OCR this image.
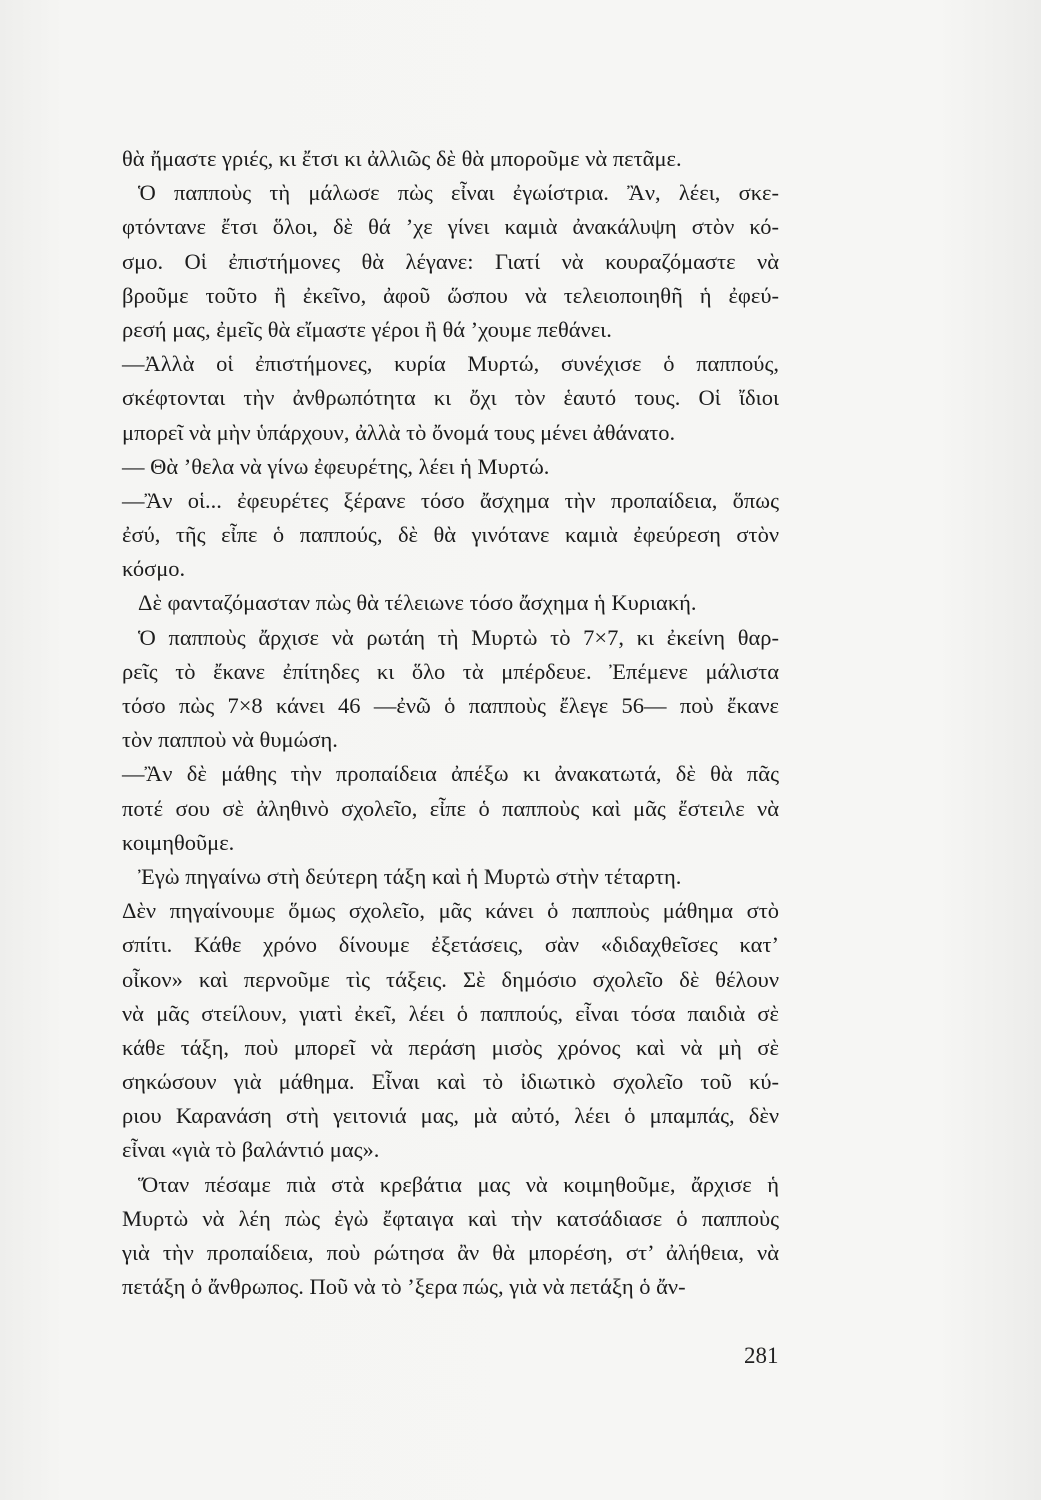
θὰ ἤμαστε γριές, κι ἔτσι κι ἀλλιῶς δὲ θὰ μποροῦμε νὰ πετᾶμε.
Ὁ παπποὺς τὴ μάλωσε πὼς εἶναι ἐγωίστρια. Ἂν, λέει, σκε-
φτόντανε ἔτσι ὅλοι, δὲ θά ’χε γίνει καμιὰ ἀνακάλυψη στὸν κό-
σμο. Οἱ ἐπιστήμονες θὰ λέγανε: Γιατί νὰ κουραζόμαστε νὰ
βροῦμε τοῦτο ἢ ἐκεῖνο, ἀφοῦ ὥσπου νὰ τελειοποιηθῆ ἡ ἐφεύ-
ρεσή μας, ἐμεῖς θὰ εἴμαστε γέροι ἢ θά ’χουμε πεθάνει.
—Ἀλλὰ οἱ ἐπιστήμονες, κυρία Μυρτώ, συνέχισε ὁ παππούς,
σκέφτονται τὴν ἀνθρωπότητα κι ὄχι τὸν ἑαυτό τους. Οἱ ἴδιοι
μπορεῖ νὰ μὴν ὑπάρχουν, ἀλλὰ τὸ ὄνομά τους μένει ἀθάνατο.
— Θὰ ’θελα νὰ γίνω ἐφευρέτης, λέει ἡ Μυρτώ.
—Ἂν οἱ... ἐφευρέτες ξέρανε τόσο ἄσχημα τὴν προπαίδεια, ὅπως
ἐσύ, τῆς εἶπε ὁ παππούς, δὲ θὰ γινότανε καμιὰ ἐφεύρεση στὸν
κόσμο.
Δὲ φανταζόμασταν πὼς θὰ τέλειωνε τόσο ἄσχημα ἡ Κυριακή.
Ὁ παπποὺς ἄρχισε νὰ ρωτάη τὴ Μυρτὼ τὸ 7×7, κι ἐκείνη θαρ-
ρεῖς τὸ ἔκανε ἐπίτηδες κι ὅλο τὰ μπέρδευε. Ἐπέμενε μάλιστα
τόσο πὼς 7×8 κάνει 46 —ἐνῶ ὁ παπποὺς ἔλεγε 56— ποὺ ἔκανε
τὸν παπποὺ νὰ θυμώση.
—Ἂν δὲ μάθης τὴν προπαίδεια ἀπέξω κι ἀνακατωτά, δὲ θὰ πᾶς
ποτέ σου σὲ ἀληθινὸ σχολεῖο, εἶπε ὁ παπποὺς καὶ μᾶς ἔστειλε νὰ
κοιμηθοῦμε.
Ἐγὼ πηγαίνω στὴ δεύτερη τάξη καὶ ἡ Μυρτὼ στὴν τέταρτη.
Δὲν πηγαίνουμε ὅμως σχολεῖο, μᾶς κάνει ὁ παπποὺς μάθημα στὸ
σπίτι. Κάθε χρόνο δίνουμε ἐξετάσεις, σὰν «διδαχθεῖσες κατ’
οἶκον» καὶ περνοῦμε τὶς τάξεις. Σὲ δημόσιο σχολεῖο δὲ θέλουν
νὰ μᾶς στείλουν, γιατὶ ἐκεῖ, λέει ὁ παππούς, εἶναι τόσα παιδιὰ σὲ
κάθε τάξη, ποὺ μπορεῖ νὰ περάση μισὸς χρόνος καὶ νὰ μὴ σὲ
σηκώσουν γιὰ μάθημα. Εἶναι καὶ τὸ ἰδιωτικὸ σχολεῖο τοῦ κύ-
ριου Καρανάση στὴ γειτονιά μας, μὰ αὐτό, λέει ὁ μπαμπάς, δὲν
εἶναι «γιὰ τὸ βαλάντιό μας».
Ὅταν πέσαμε πιὰ στὰ κρεβάτια μας νὰ κοιμηθοῦμε, ἄρχισε ἡ
Μυρτὼ νὰ λέη πὼς ἐγὼ ἔφταιγα καὶ τὴν κατσάδιασε ὁ παπποὺς
γιὰ τὴν προπαίδεια, ποὺ ρώτησα ἂν θὰ μπορέση, στ’ ἀλήθεια, νὰ
πετάξη ὁ ἄνθρωπος. Ποῦ νὰ τὸ ’ξερα πώς, γιὰ νὰ πετάξη ὁ ἄν-
281
